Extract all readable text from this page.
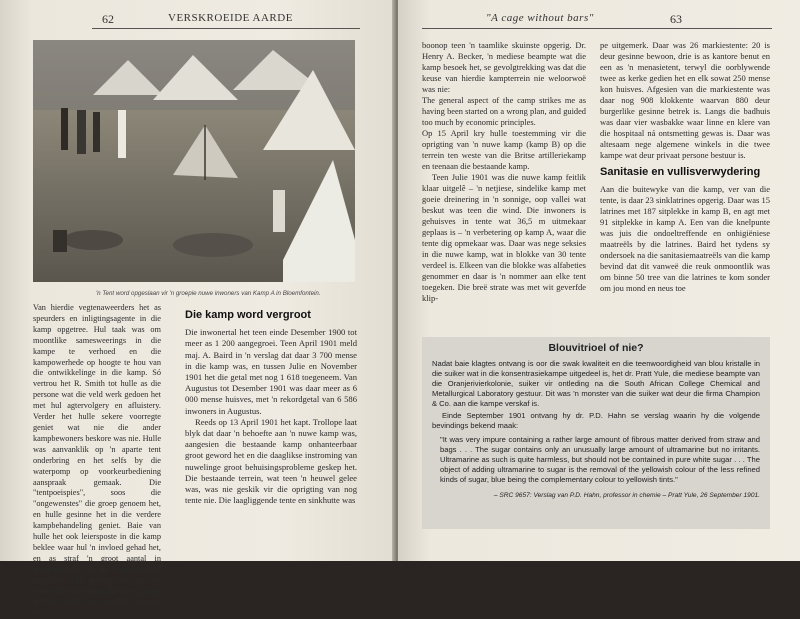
62	VERSKROEIDE AARDE
'n Tent word opgeslaan vir 'n groepie nuwe inwoners van Kamp A in Bloemfontein.

Van hierdie vegtenaweerders het as speurders en inligtingsagente in die kamp opgetree. Hul taak was om moontlike samesweerings in die kampe te verhoed en die kampowerhede op hoogte te hou van die ontwikkelinge in die kamp. Só vertrou het R. Smith tot hulle as die persone wat die veld werk gedoen het met hul agtervolgery en afluistery. Verder het hulle sekere voorregte geniet wat nie die ander kampbewoners beskore was nie. Hulle was aanvanklik op 'n aparte tent onderbring en het selfs by die waterpomp op voorkeurbediening aanspraak gemaak. Die "tentpoeispies", soos die "ongewenstes" die groep genoem het, en hulle gesinne het in die verdere kampbehandeling geniet. Baie van hulle het ook leiersposte in die kamp beklee waar hul 'n invloed gehad het, en as straf 'n groot aantal in groepsposisies oor die "ongewenstes" aangestel. Die gevolg was dat die verwerkte haat tussen die twee groepe al hoe sterker en verwilder geword het.

Die kamp word vergroot

Die inwonertal het teen einde Desember 1900 tot meer as 1 200 aangegroei. Teen April 1901 meld maj. A. Baird in 'n verslag dat daar 3 700 mense in die kamp was, en tussen Julie en November 1901 het die getal met nog 1 618 toegeneem. Van Augustus tot Desember 1901 was daar meer as 6 000 mense huisves, met 'n rekordgetal van 6 586 inwoners in Augustus.

Reeds op 13 April 1901 het kapt. Trollope laat blyk dat daar 'n behoefte aan 'n nuwe kamp was, aangesien die bestaande kamp onhanteerbaar groot geword het en die daaglikse instroming van nuwelinge groot behuisingsprobleme geskep het. Die bestaande terrein, wat teen 'n heuwel gelee was, was nie geskik vir die oprigting van nog tente nie. Die laagliggende tente en sinkhutte was

"A cage without bars"	63

boonop teen 'n taamlike skuinste opgerig. Dr. Henry A. Becker, 'n mediese beampte wat die kamp besoek het, se gevolgtrekking was dat die keuse van hierdie kampterrein nie weloorwoë was nie:

The general aspect of the camp strikes me as having been started on a wrong plan, and guided too much by economic principles.

Op 15 April kry hulle toestemming vir die oprigting van 'n nuwe kamp (kamp B) op die terrein ten weste van die Britse artilleriekamp en teenaan die bestaande kamp.

Teen Julie 1901 was die nuwe kamp feitlik klaar uitgelê – 'n netjiese, sindelike kamp met goeie dreinering in 'n sonnige, oop vallei wat beskut was teen die wind. Die inwoners is gehuisves in tente wat 36,5 m uitmekaar geplaas is – 'n verbetering op kamp A, waar die tente dig opmekaar was. Daar was nege seksies in die nuwe kamp, wat in blokke van 30 tente verdeel is. Elkeen van die blokke was alfabeties genommer en daar is 'n nommer aan elke tent toegeken. Die breë strate was met wit geverfde klip-

pe uitgemerk. Daar was 26 markiestente: 20 is deur gesinne bewoon, drie is as kantore benut en een as 'n menasietent, terwyl die oorblywende twee as kerke gedien het en elk sowat 250 mense kon huisves. Afgesien van die markiestente was daar nog 908 klokkente waarvan 880 deur burgerlike gesinne betrek is. Langs die badhuis was daar vier wasbakke waar linne en klere van die hospitaal ná ontsmetting gewas is. Daar was altesaam nege algemene winkels in die twee kampe wat deur privaat persone bestuur is.

Sanitasie en vullisverwydering

Aan die buitewyke van die kamp, ver van die tente, is daar 23 sinklatrines opgerig. Daar was 15 latrines met 187 sitplekke in kamp B, en agt met 91 sitplekke in kamp A. Een van die knelpunte was juis die ondoeltreffende en onhigiëniese maatreëls by die latrines. Baird het tydens sy ondersoek na die sanitasiemaatreëls van die kamp bevind dat dit vanweë die reuk onmoontlik was om binne 50 tree van die latrines te kom sonder om jou mond en neus toe

Blouvitrioel of nie?

Nadat baie klagtes ontvang is oor die swak kwaliteit en die teenwoordigheid van blou kristalle in die suiker wat in die konsentrasiekampe uitgedeel is, het dr. Pratt Yule, die mediese beampte van die Oranjerivierkolonie, suiker vir ontleding na die South African College Chemical and Metallurgical Laboratory gestuur. Dit was 'n monster van die suiker wat deur die firma Champion & Co. aan die kampe verskaf is.

Einde September 1901 ontvang hy dr. P.D. Hahn se verslag waarin hy die volgende bevindings bekend maak:

"It was very impure containing a rather large amount of fibrous matter derived from straw and bags . . . The sugar contains only an unusually large amount of ultramarine but no irritants. Ultramarine as such is quite harmless, but should not be contained in pure white sugar . . . The object of adding ultramarine to sugar is the removal of the yellowish colour of the less refined kinds of sugar, blue being the complementary colour to yellowish tints."

– SRC 9657: Verslag van P.D. Hahn, professor in chemie – Pratt Yule, 26 September 1901.
